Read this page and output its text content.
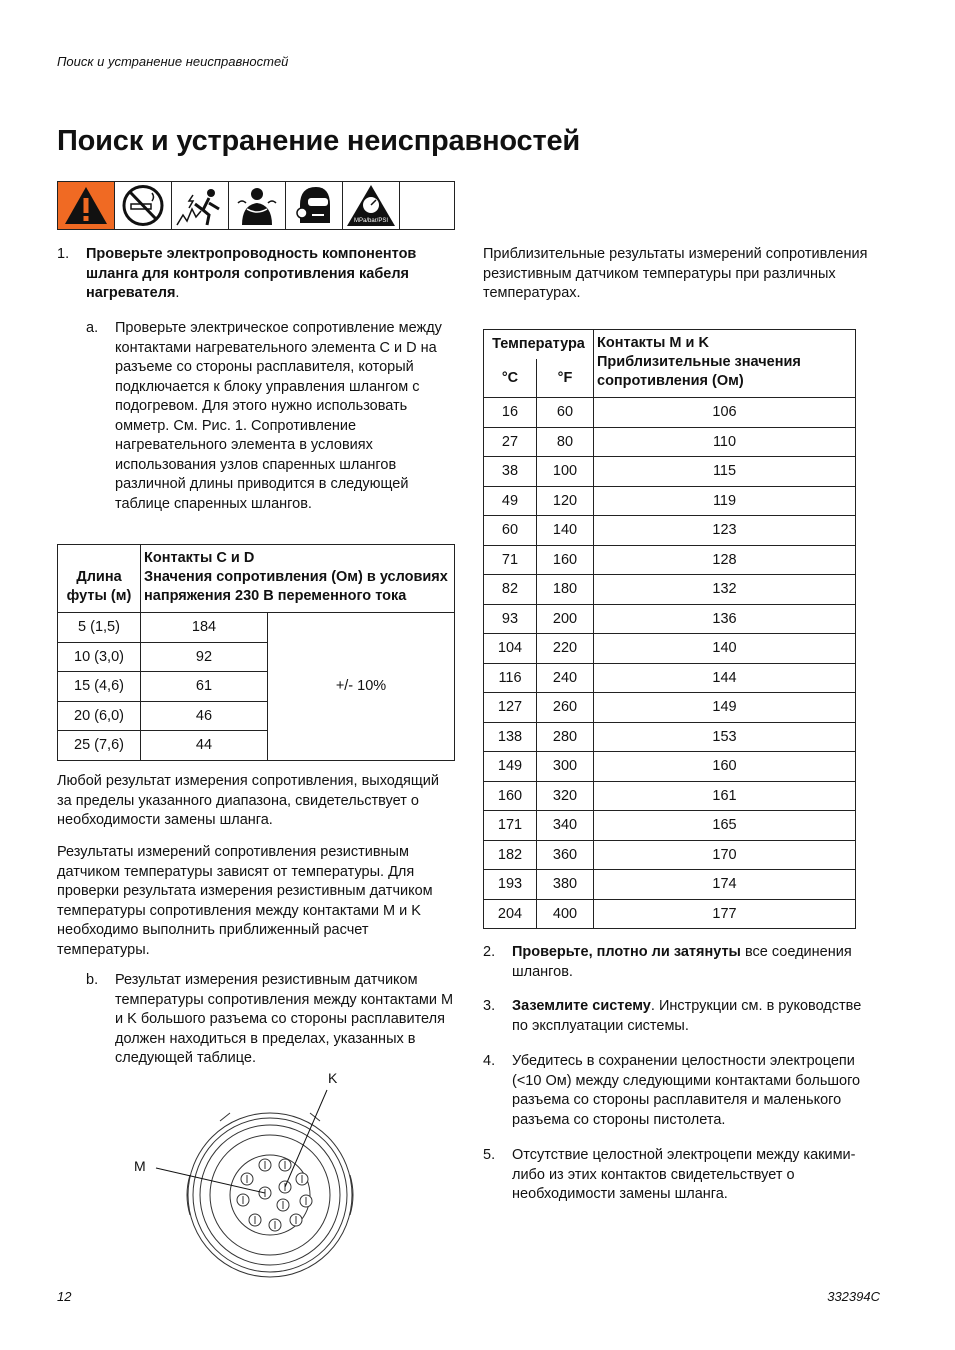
Поиск и устранение неисправностей
Поиск и устранение неисправностей
MPa/bar/PSI
1. Проверьте электропроводность компонентов шланга для контроля сопротивления кабеля нагревателя.
a. Проверьте электрическое сопротивление между контактами нагревательного элемента C и D на разъеме со стороны расплавителя, который подключается к блоку управления шлангом с подогревом. Для этого нужно использовать омметр. См. Рис. 1. Сопротивление нагревательного элемента в условиях использования узлов спаренных шлангов различной длины приводится в следующей таблице спаренных шлангов.
Длина футы (м)	Контакты C и D
Значения сопротивления (Ом) в условиях напряжения 230 В переменного тока	

5 (1,5)	184	+/- 10%
10 (3,0)	92	
15 (4,6)	61	
20 (6,0)	46	
25 (7,6)	44	
Любой результат измерения сопротивления, выходящий за пределы указанного диапазона, свидетельствует о необходимости замены шланга.
Результаты измерений сопротивления резистивным датчиком температуры зависят от температуры. Для проверки результата измерения резистивным датчиком температуры сопротивления между контактами M и K необходимо выполнить приближенный расчет температуры.
b. Результат измерения резистивным датчиком температуры сопротивления между контактами M и K большого разъема со стороны расплавителя должен находиться в пределах, указанных в следующей таблице.
K
M
Приблизительные результаты измерений сопротивления резистивным датчиком температуры при различных температурах.
Температура		Контакты M и K
Приблизительные значения сопротивления (Ом)

°C	°F	
16	60	106
27	80	110
38	100	115
49	120	119
60	140	123
71	160	128
82	180	132
93	200	136
104	220	140
116	240	144
127	260	149
138	280	153
149	300	160
160	320	161
171	340	165
182	360	170
193	380	174
204	400	177
2. Проверьте, плотно ли затянуты все соединения шлангов.
3. Заземлите систему. Инструкции см. в руководстве по эксплуатации системы.
4. Убедитесь в сохранении целостности электроцепи (<10 Ом) между следующими контактами большого разъема со стороны расплавителя и маленького разъема со стороны пистолета.
5. Отсутствие целостной электроцепи между какими-либо из этих контактов свидетельствует о необходимости замены шланга.
12	332394C
